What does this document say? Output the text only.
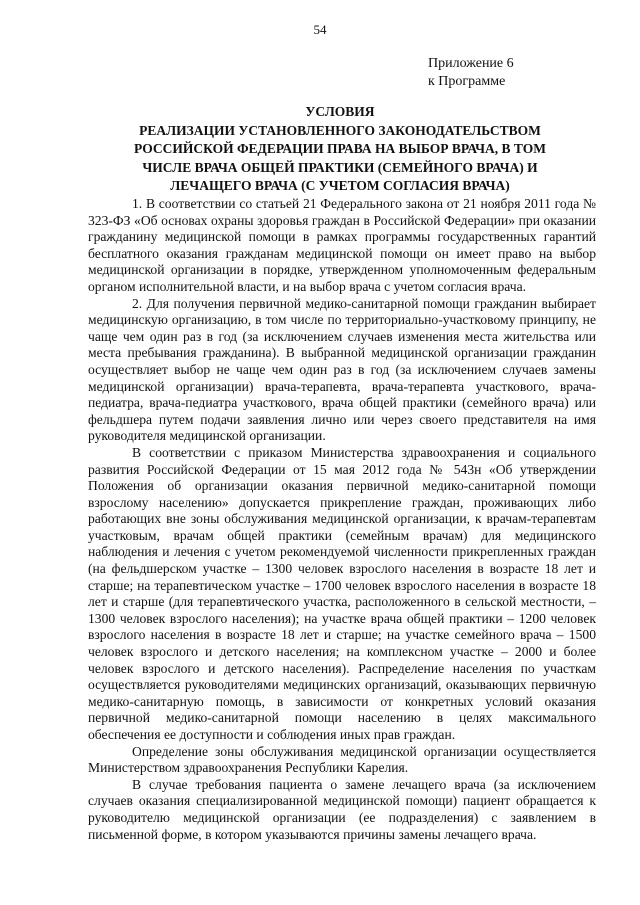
54
Приложение 6
к Программе
УСЛОВИЯ
РЕАЛИЗАЦИИ УСТАНОВЛЕННОГО ЗАКОНОДАТЕЛЬСТВОМ
РОССИЙСКОЙ ФЕДЕРАЦИИ ПРАВА НА ВЫБОР ВРАЧА, В ТОМ
ЧИСЛЕ ВРАЧА ОБЩЕЙ ПРАКТИКИ (СЕМЕЙНОГО ВРАЧА) И
ЛЕЧАЩЕГО ВРАЧА (С УЧЕТОМ СОГЛАСИЯ ВРАЧА)

1. В соответствии со статьей 21 Федерального закона от 21 ноября 2011 года № 323-ФЗ «Об основах охраны здоровья граждан в Российской Федерации» при оказании гражданину медицинской помощи в рамках программы государственных гарантий бесплатного оказания гражданам медицинской помощи он имеет право на выбор медицинской организации в порядке, утвержденном уполномоченным федеральным органом исполнительной власти, и на выбор врача с учетом согласия врача.

2. Для получения первичной медико-санитарной помощи гражданин выбирает медицинскую организацию, в том числе по территориально-участковому принципу, не чаще чем один раз в год (за исключением случаев изменения места жительства или места пребывания гражданина). В выбранной медицинской организации гражданин осуществляет выбор не чаще чем один раз в год (за исключением случаев замены медицинской организации) врача-терапевта, врача-терапевта участкового, врача-педиатра, врача-педиатра участкового, врача общей практики (семейного врача) или фельдшера путем подачи заявления лично или через своего представителя на имя руководителя медицинской организации.

В соответствии с приказом Министерства здравоохранения и социального развития Российской Федерации от 15 мая 2012 года № 543н «Об утверждении Положения об организации оказания первичной медико-санитарной помощи взрослому населению» допускается прикрепление граждан, проживающих либо работающих вне зоны обслуживания медицинской организации, к врачам-терапевтам участковым, врачам общей практики (семейным врачам) для медицинского наблюдения и лечения с учетом рекомендуемой численности прикрепленных граждан (на фельдшерском участке – 1300 человек взрослого населения в возрасте 18 лет и старше; на терапевтическом участке – 1700 человек взрослого населения в возрасте 18 лет и старше (для терапевтического участка, расположенного в сельской местности, – 1300 человек взрослого населения); на участке врача общей практики – 1200 человек взрослого населения в возрасте 18 лет и старше; на участке семейного врача – 1500 человек взрослого и детского населения; на комплексном участке – 2000 и более человек взрослого и детского населения). Распределение населения по участкам осуществляется руководителями медицинских организаций, оказывающих первичную медико-санитарную помощь, в зависимости от конкретных условий оказания первичной медико-санитарной помощи населению в целях максимального обеспечения ее доступности и соблюдения иных прав граждан.

Определение зоны обслуживания медицинской организации осуществляется Министерством здравоохранения Республики Карелия.

В случае требования пациента о замене лечащего врача (за исключением случаев оказания специализированной медицинской помощи) пациент обращается к руководителю медицинской организации (ее подразделения) с заявлением в письменной форме, в котором указываются причины замены лечащего врача.
